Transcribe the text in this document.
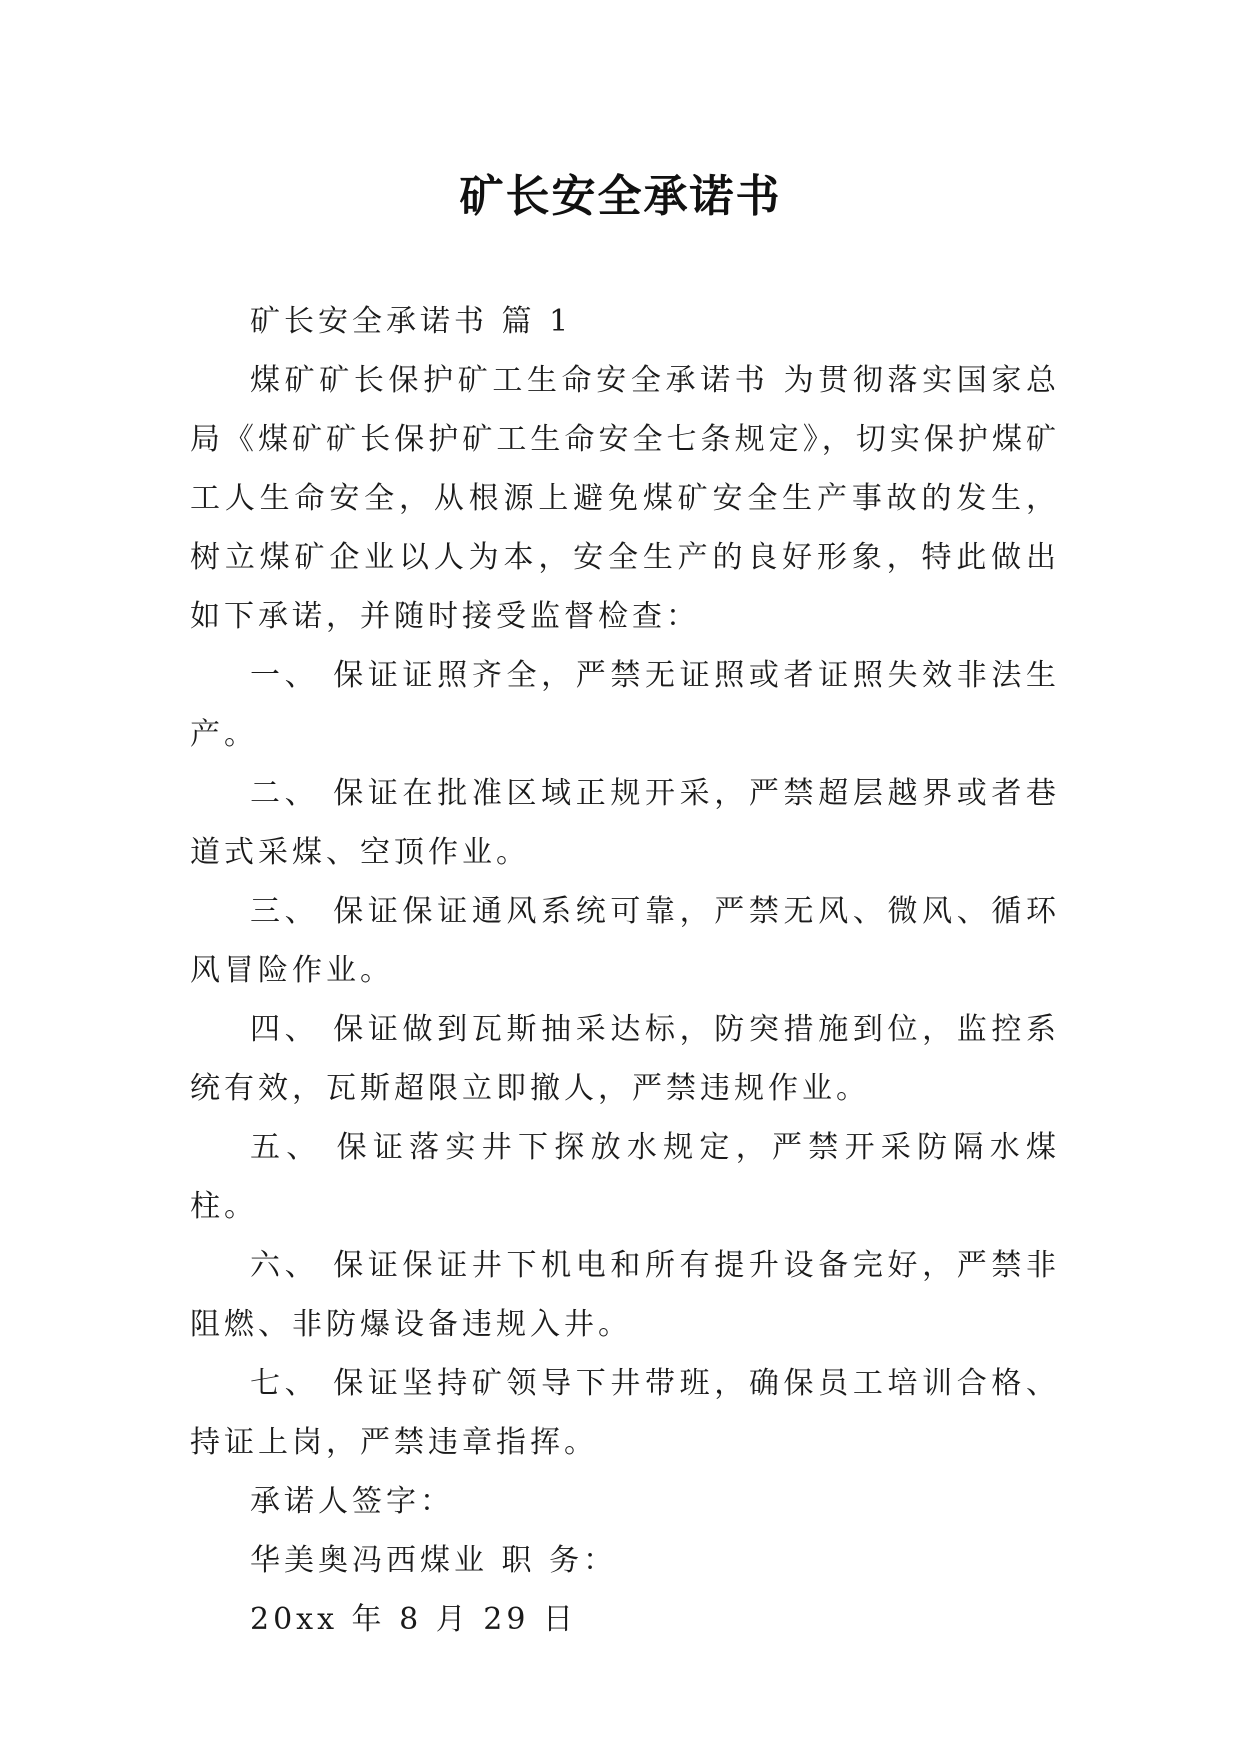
矿长安全承诺书

矿长安全承诺书 篇 1

煤矿矿长保护矿工生命安全承诺书 为贯彻落实国家总局《煤矿矿长保护矿工生命安全七条规定》，切实保护煤矿工人生命安全，从根源上避免煤矿安全生产事故的发生，树立煤矿企业以人为本，安全生产的良好形象，特此做出如下承诺，并随时接受监督检查：

一、 保证证照齐全，严禁无证照或者证照失效非法生产。

二、 保证在批准区域正规开采，严禁超层越界或者巷道式采煤、空顶作业。

三、 保证保证通风系统可靠，严禁无风、微风、循环风冒险作业。

四、 保证做到瓦斯抽采达标，防突措施到位，监控系统有效，瓦斯超限立即撤人，严禁违规作业。

五、 保证落实井下探放水规定，严禁开采防隔水煤柱。

六、 保证保证井下机电和所有提升设备完好，严禁非阻燃、非防爆设备违规入井。

七、 保证坚持矿领导下井带班，确保员工培训合格、持证上岗，严禁违章指挥。

承诺人签字：

华美奥冯西煤业 职 务：

20xx 年 8 月 29 日
